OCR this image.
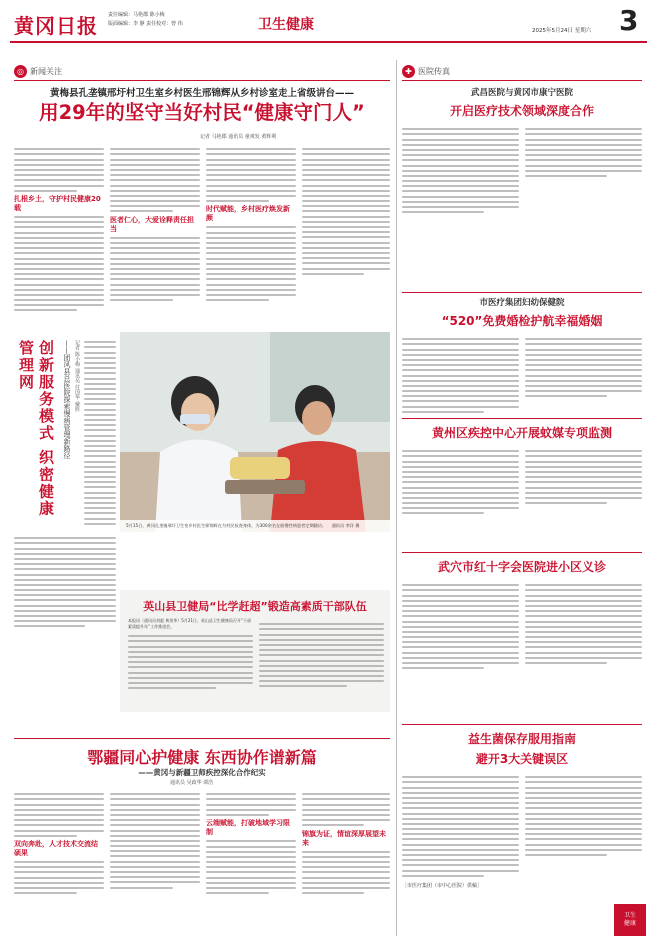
黄冈日报 责任编辑：马艳郡 陈小梅
版面编辑：李 静 责任校对：曾 伟	卫生健康	2025年5月24日 星期六 3
◎ 新闻关注
黄梅县孔垄镇邢圩村卫生室乡村医生邢锦辉从乡村诊室走上省级讲台——
用29年的坚守当好村民“健康守门人”
记者 马艳郡 通讯员 童观发 黄辉利
扎根乡土，守护村民健康20载
医者仁心，大爱诠释责任担当
时代赋能，乡村医疗焕发新颜
5月15日，黄冈孔垄镇邢圩卫生室乡村医生邢锦辉在为村民检查身体，为300余名在册慢性病患者定期随访。 通讯员 李洋 摄
创新服务模式 织密健康管理网	——团风县总医院探索慢病管理新路径 记者 陈小梅 通讯员 付国华 戴胜
英山县卫健局“比学赶超”锻造高素质干部队伍
本报讯（通讯员刘彪 黄贵华）5月21日，英山县卫生健康局召开“干部素质提升年”工作推进会。
鄂疆同心护健康 东西协作谱新篇
——黄冈与新疆卫师疾控深化合作纪实
通讯员 吴政华 谭浩
双向奔赴，人才技术交流结硕果
云端赋能，打破地域学习限制	锦旗为证，情谊深厚展望未来
✚ 医院传真
武昌医院与黄冈市康宁医院
开启医疗技术领域深度合作
市医疗集团妇幼保健院
“520”免费婚检护航幸福婚姻
黄州区疾控中心开展蚊媒专项监测
武穴市红十字会医院进小区义诊
益生菌保存服用指南
避开3大关键误区
［市医疗集团（市中心医院）供稿］
卫生健康
